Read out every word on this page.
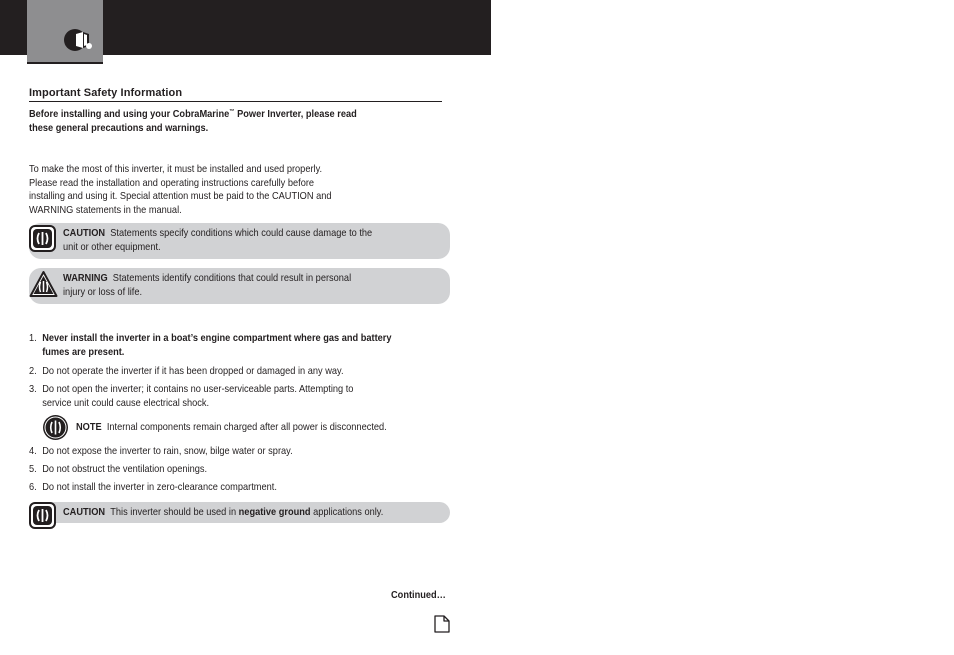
Important Safety Information
Before installing and using your CobraMarine™ Power Inverter, please read
these general precautions and warnings.
To make the most of this inverter, it must be installed and used properly.
Please read the installation and operating instructions carefully before
installing and using it. Special attention must be paid to the CAUTION and
WARNING statements in the manual.
CAUTION Statements specify conditions which could cause damage to the
unit or other equipment.
WARNING Statements identify conditions that could result in personal
injury or loss of life.
1. Never install the inverter in a boat’s engine compartment where gas and battery
fumes are present.
2. Do not operate the inverter if it has been dropped or damaged in any way.
3. Do not open the inverter; it contains no user-serviceable parts. Attempting to
service unit could cause electrical shock.
4. Do not expose the inverter to rain, snow, bilge water or spray.
5. Do not obstruct the ventilation openings.
6. Do not install the inverter in zero-clearance compartment.
NOTE Internal components remain charged after all power is disconnected.
CAUTION This inverter should be used in negative ground applications only.
Continued…
